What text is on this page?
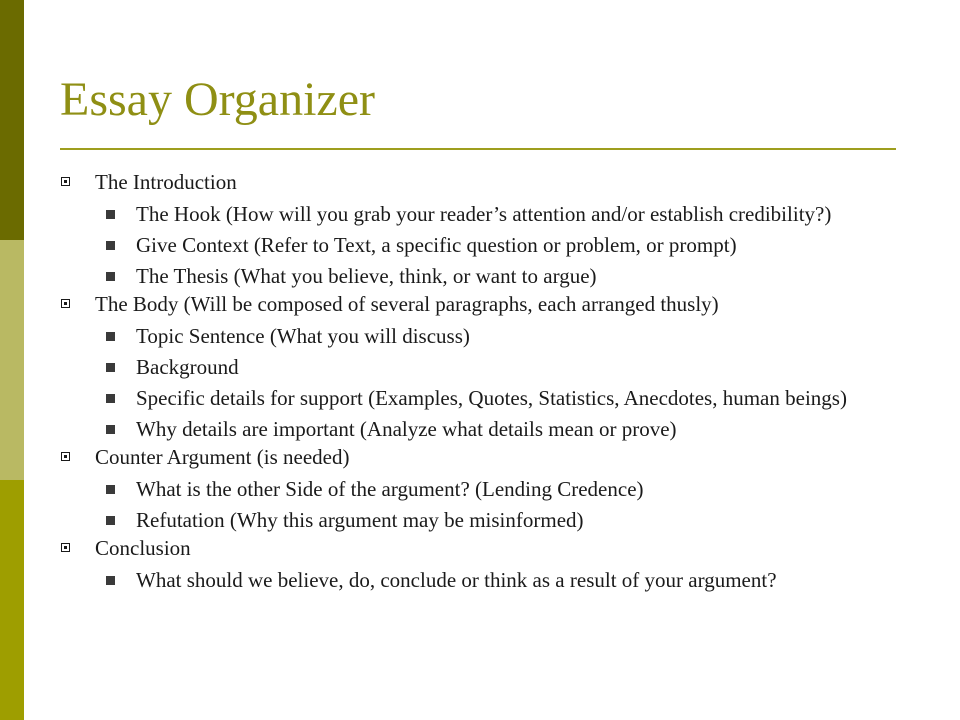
Essay Organizer
The Introduction
The Hook (How will you grab your reader’s attention and/or establish credibility?)
Give Context (Refer to Text, a specific question or problem, or prompt)
The Thesis (What you believe, think, or want to argue)
The Body (Will be composed of several paragraphs, each arranged thusly)
Topic Sentence (What you will discuss)
Background
Specific details for support (Examples, Quotes, Statistics, Anecdotes, human beings)
Why details are important (Analyze what details mean or prove)
Counter Argument (is needed)
What is the other Side of the argument? (Lending Credence)
Refutation (Why this argument may be misinformed)
Conclusion
What should we believe, do, conclude or think as a result of your argument?
